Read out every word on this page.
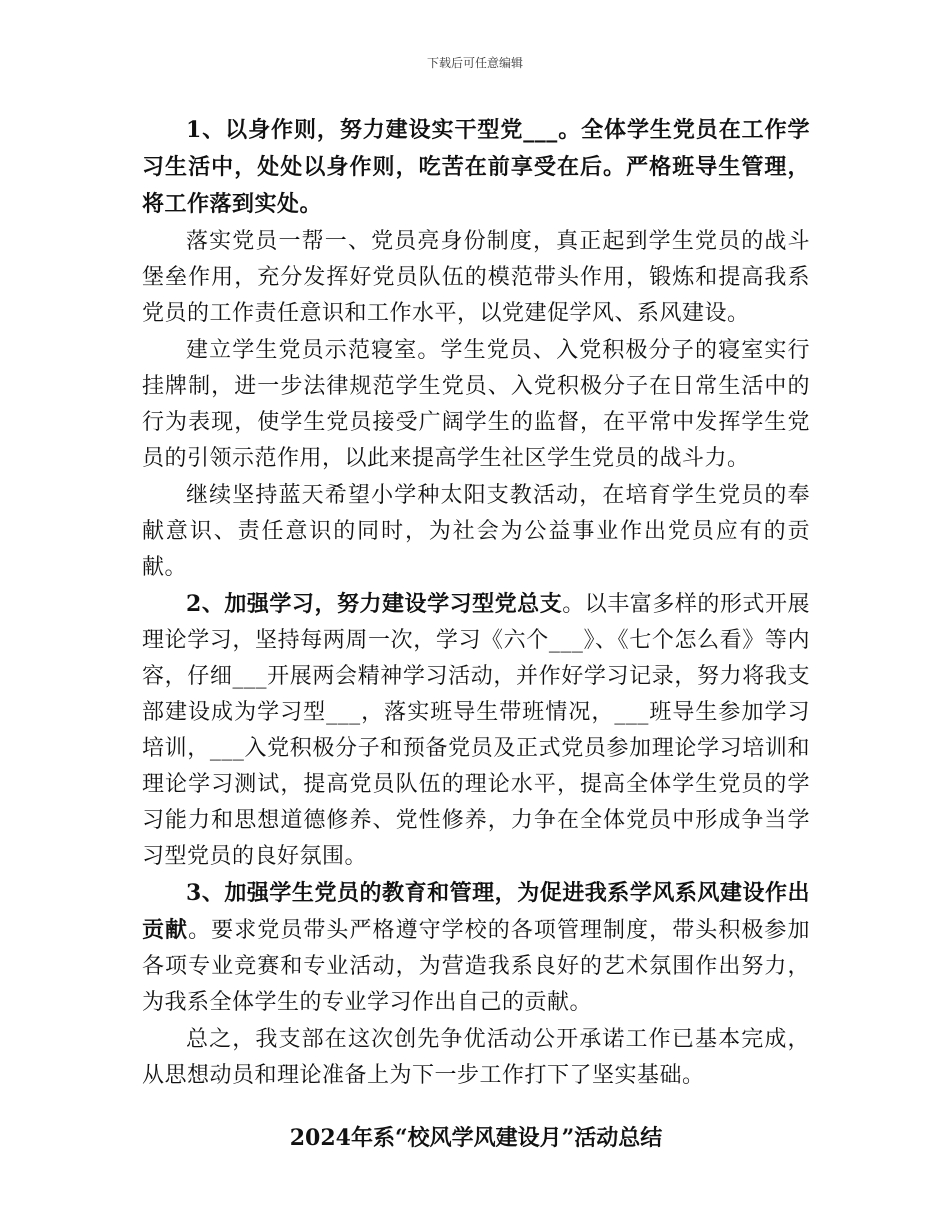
下载后可任意编辑

1、以身作则，努力建设实干型党___。全体学生党员在工作学习生活中，处处以身作则，吃苦在前享受在后。严格班导生管理，将工作落到实处。

落实党员一帮一、党员亮身份制度，真正起到学生党员的战斗堡垒作用，充分发挥好党员队伍的模范带头作用，锻炼和提高我系党员的工作责任意识和工作水平，以党建促学风、系风建设。

建立学生党员示范寝室。学生党员、入党积极分子的寝室实行挂牌制，进一步法律规范学生党员、入党积极分子在日常生活中的行为表现，使学生党员接受广阔学生的监督，在平常中发挥学生党员的引领示范作用，以此来提高学生社区学生党员的战斗力。

继续坚持蓝天希望小学种太阳支教活动，在培育学生党员的奉献意识、责任意识的同时，为社会为公益事业作出党员应有的贡献。

2、加强学习，努力建设学习型党总支。以丰富多样的形式开展理论学习，坚持每两周一次，学习《六个___》、《七个怎么看》等内容，仔细___开展两会精神学习活动，并作好学习记录，努力将我支部建设成为学习型___，落实班导生带班情况，___班导生参加学习培训，___入党积极分子和预备党员及正式党员参加理论学习培训和理论学习测试，提高党员队伍的理论水平，提高全体学生党员的学习能力和思想道德修养、党性修养，力争在全体党员中形成争当学习型党员的良好氛围。

3、加强学生党员的教育和管理，为促进我系学风系风建设作出贡献。要求党员带头严格遵守学校的各项管理制度，带头积极参加各项专业竞赛和专业活动，为营造我系良好的艺术氛围作出努力，为我系全体学生的专业学习作出自己的贡献。

总之，我支部在这次创先争优活动公开承诺工作已基本完成，从思想动员和理论准备上为下一步工作打下了坚实基础。

2024年系“校风学风建设月”活动总结
